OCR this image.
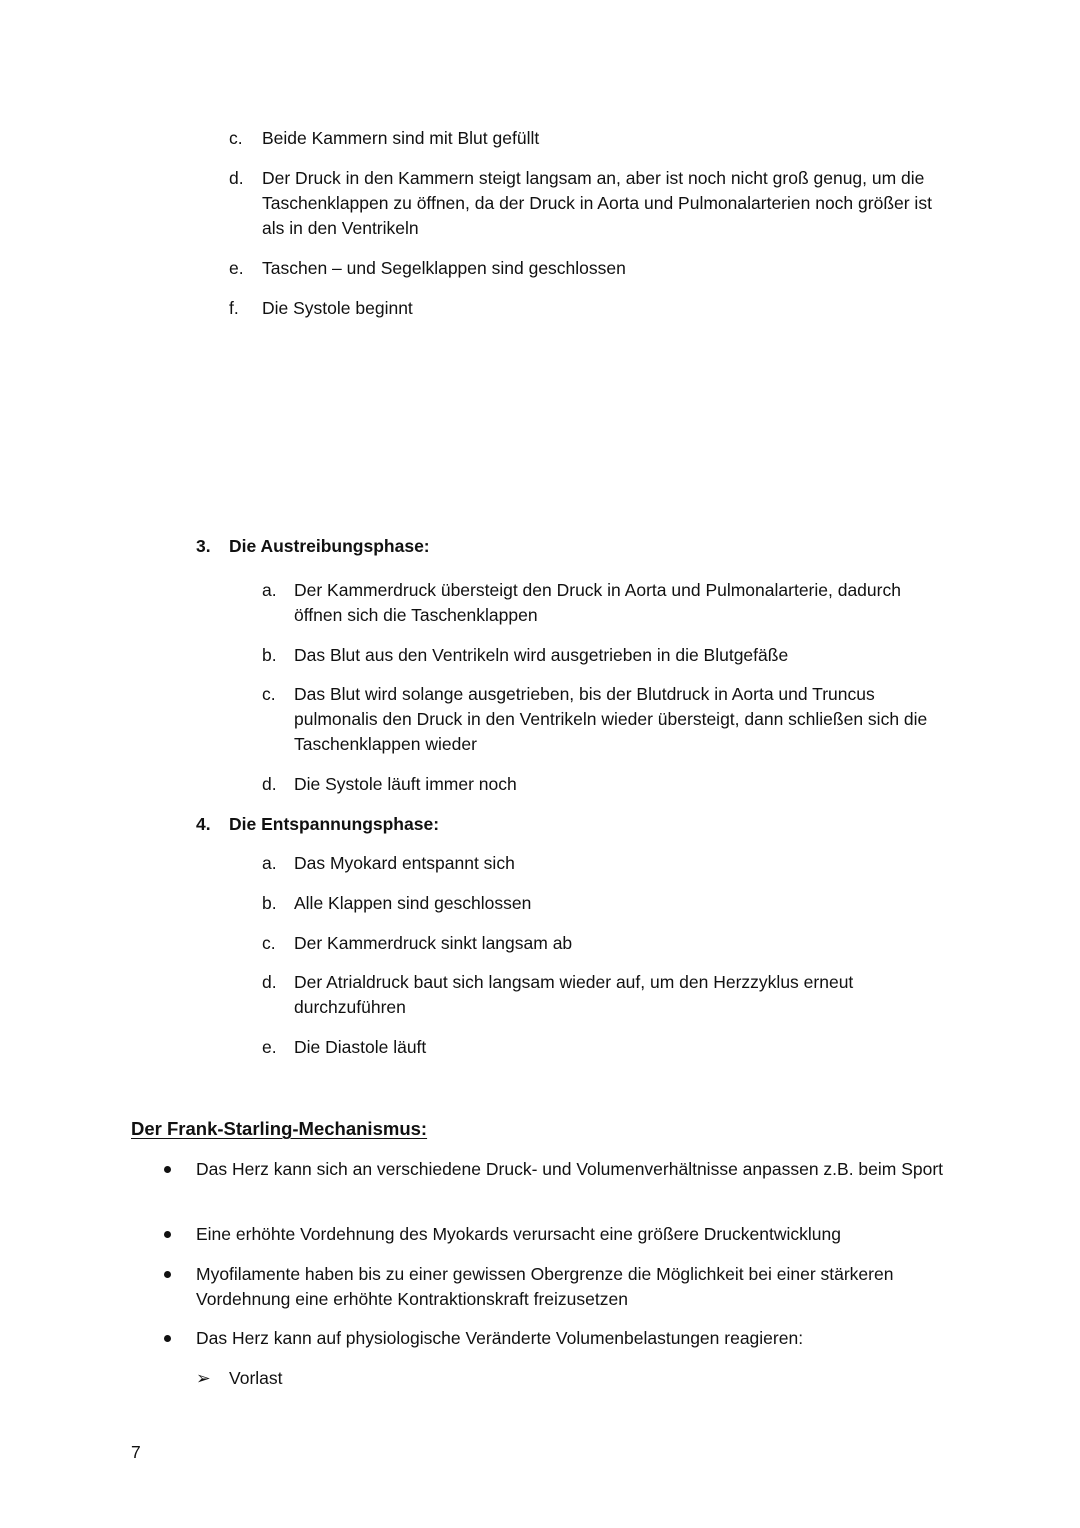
c.	Beide Kammern sind mit Blut gefüllt
d.	Der Druck in den Kammern steigt langsam an, aber ist noch nicht groß genug, um die Taschenklappen zu öffnen, da der Druck in Aorta und Pulmonalarterien noch größer ist als in den Ventrikeln
e.	Taschen – und Segelklappen sind geschlossen
f.	Die Systole beginnt
3.	Die Austreibungsphase:
a. Der Kammerdruck übersteigt den Druck in Aorta und Pulmonalarterie, dadurch öffnen sich die Taschenklappen
b. Das Blut aus den Ventrikeln wird ausgetrieben in die Blutgefäße
c.	Das Blut wird solange ausgetrieben, bis der Blutdruck in Aorta und Truncus pulmonalis den Druck in den Ventrikeln wieder übersteigt, dann schließen sich die Taschenklappen wieder
d. Die Systole läuft immer noch
4.	Die Entspannungsphase:
a. Das Myokard entspannt sich
b. Alle Klappen sind geschlossen
c.	Der Kammerdruck sinkt langsam ab
d. Der Atrialdruck baut sich langsam wieder auf, um den Herzzyklus erneut durchzuführen
e. Die Diastole läuft
Der Frank-Starling-Mechanismus:
Das Herz kann sich an verschiedene Druck- und Volumenverhältnisse anpassen z.B. beim Sport
Eine erhöhte Vordehnung des Myokards verursacht eine größere Druckentwicklung
Myofilamente haben bis zu einer gewissen Obergrenze die Möglichkeit bei einer stärkeren Vordehnung eine erhöhte Kontraktionskraft freizusetzen
Das Herz kann auf physiologische Veränderte Volumenbelastungen reagieren:
➢	Vorlast
7
